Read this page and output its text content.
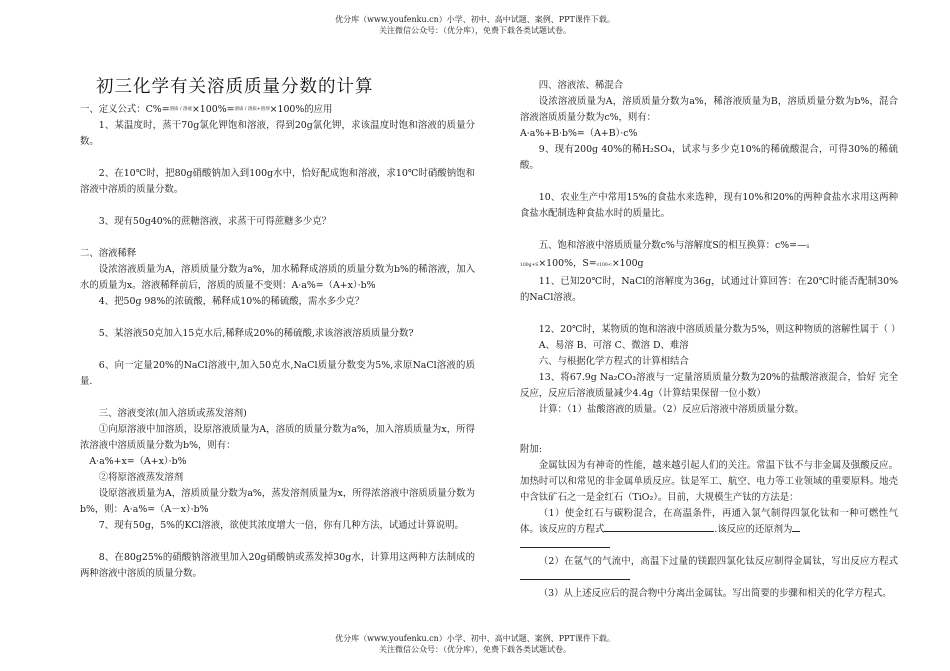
优分库（www.youfenku.cn）小学、初中、高中试题、案例、PPT课件下载。
关注微信公众号：（优分库），免费下载各类试题试卷。
初三化学有关溶质质量分数的计算

一、定义公式：C%=溶质 / 溶液×100%=溶质 / 溶质+溶剂×100%的应用

1、某温度时，蒸干70g氯化钾饱和溶液，得到20g氯化钾，求该温度时饱和溶液的质量分数。

2、在10℃时，把80g硝酸钠加入到100g水中，恰好配成饱和溶液，求10℃时硝酸钠饱和溶液中溶质的质量分数。

3、现有50g40%的蔗糖溶液，求蒸干可得蔗糖多少克？

二、溶液稀释

设浓溶液质量为A，溶质质量分数为a%，加水稀释成溶质的质量分数为b%的稀溶液，加入水的质量为x。溶液稀释前后，溶质的质量不变则：A·a%=（A+x）·b%

4、把50g 98%的浓硫酸，稀释成10%的稀硫酸，需水多少克？

5、某溶液50克加入15克水后,稀释成20%的稀硫酸,求该溶液溶质质量分数?

6、向一定量20%的NaCl溶液中,加入50克水,NaCl质量分数变为5%,求原NaCl溶液的质量.

三、溶液变浓(加入溶质或蒸发溶剂)

①向原溶液中加溶质，设原溶液质量为A，溶质的质量分数为a%，加入溶质质量为x，所得浓溶液中溶质质量分数为b%，则有：

A·a%+x=（A+x）·b%

②将原溶液蒸发溶剂

设原溶液质量为A，溶质质量分数为a%，蒸发溶剂质量为x，所得浓溶液中溶质质量分数为b%，则：A·a%=（A－x）·b%

7、现有50g，5%的KCl溶液，欲使其浓度增大一倍，你有几种方法，试通过计算说明。

8、在80g25%的硝酸钠溶液里加入20g硝酸钠或蒸发掉30g水，计算用这两种方法制成的两种溶液中溶质的质量分数。

四、溶液浓、稀混合

设浓溶液质量为A，溶质质量分数为a%，稀溶液质量为B，溶质质量分数为b%，混合溶液溶质质量分数为c%，则有：

A·a%+B·b%=（A+B）·c%

9、现有200g 40%的稀H₂SO₄，试求与多少克10%的稀硫酸混合，可得30%的稀硫酸。

10、农业生产中常用15%的食盐水来选种，现有10%和20%的两种食盐水求用这两种食盐水配制选种食盐水时的质量比。

五、饱和溶液中溶质质量分数c%与溶解度S的相互换算：c%=—S

100g+S×100%，S=c100-c×100g

11、已知20℃时，NaCl的溶解度为36g，试通过计算回答：在20℃时能否配制30%的NaCl溶液。

12、20℃时，某物质的饱和溶液中溶质质量分数为5%，则这种物质的溶解性属于（ ）

A、易溶 B、可溶 C、微溶 D、难溶

六、与根据化学方程式的计算相结合

13、将67.9g Na₂CO₃溶液与一定量溶质质量分数为20%的盐酸溶液混合，恰好 完全反应，反应后溶液质量减少4.4g（计算结果保留一位小数）

计算：（1）盐酸溶液的质量。（2）反应后溶液中溶质质量分数。

附加:

金属钛因为有神奇的性能，越来越引起人们的关注。常温下钛不与非金属及强酸反应。加热时可以和常见的非金属单质反应。钛是军工、航空、电力等工业领域的重要原料。地壳中含钛矿石之一是金红石（TiO₂）。目前，大规模生产钛的方法是：

（1）使金红石与碳粉混合，在高温条件，再通入氯气制得四氯化钛和一种可燃性气体。该反应的方程式	.该反应的还原剂为

（2）在氩气的气流中，高温下过量的镁跟四氯化钛反应制得金属钛，写出反应方程式

（3）从上述反应后的混合物中分离出金属钛。写出简要的步骤和相关的化学方程式。

优分库（www.youfenku.cn）小学、初中、高中试题、案例、PPT课件下载。
关注微信公众号：（优分库），免费下载各类试题试卷。
